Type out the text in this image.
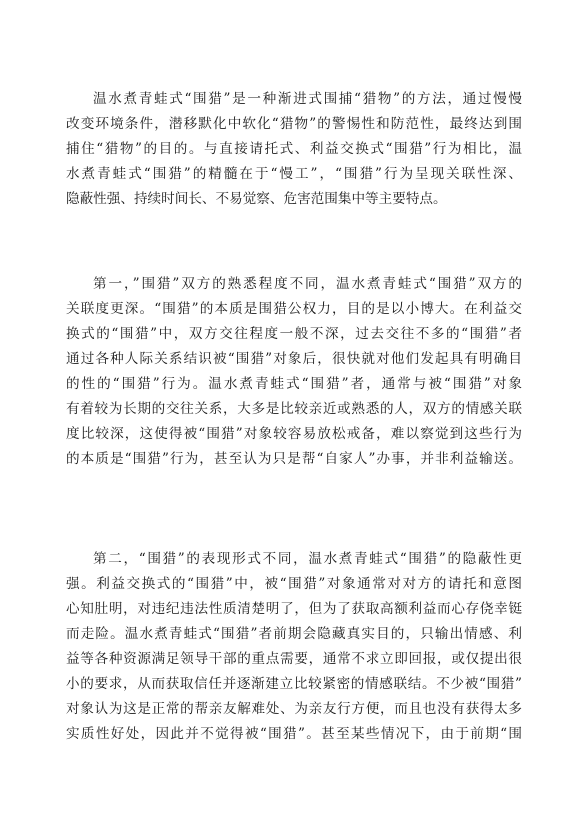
温水煮青蛙式“围猎”是一种渐进式围捕“猎物”的方法，通过慢慢
改变环境条件，潜移默化中软化“猎物”的警惕性和防范性，最终达到围
捕住“猎物”的目的。与直接请托式、利益交换式“围猎”行为相比，温
水煮青蛙式“围猎”的精髓在于“慢工”，“围猎”行为呈现关联性深、
隐蔽性强、持续时间长、不易觉察、危害范围集中等主要特点。
第一，”围猎”双方的熟悉程度不同，温水煮青蛙式“围猎”双方的
关联度更深。“围猎”的本质是围猎公权力，目的是以小博大。在利益交
换式的“围猎”中，双方交往程度一般不深，过去交往不多的“围猎”者
通过各种人际关系结识被“围猎”对象后，很快就对他们发起具有明确目
的性的“围猎”行为。温水煮青蛙式“围猎”者，通常与被“围猎”对象
有着较为长期的交往关系，大多是比较亲近或熟悉的人，双方的情感关联
度比较深，这使得被“围猎”对象较容易放松戒备，难以察觉到这些行为
的本质是“围猎”行为，甚至认为只是帮“自家人”办事，并非利益输送。
第二，“围猎”的表现形式不同，温水煮青蛙式“围猎”的隐蔽性更
强。利益交换式的“围猎”中，被“围猎”对象通常对对方的请托和意图
心知肚明，对违纪违法性质清楚明了，但为了获取高额利益而心存侥幸铤
而走险。温水煮青蛙式“围猎”者前期会隐藏真实目的，只输出情感、利
益等各种资源满足领导干部的重点需要，通常不求立即回报，或仅提出很
小的要求，从而获取信任并逐渐建立比较紧密的情感联结。不少被“围猎”
对象认为这是正常的帮亲友解难处、为亲友行方便，而且也没有获得太多
实质性好处，因此并不觉得被“围猎”。甚至某些情况下，由于前期“围
